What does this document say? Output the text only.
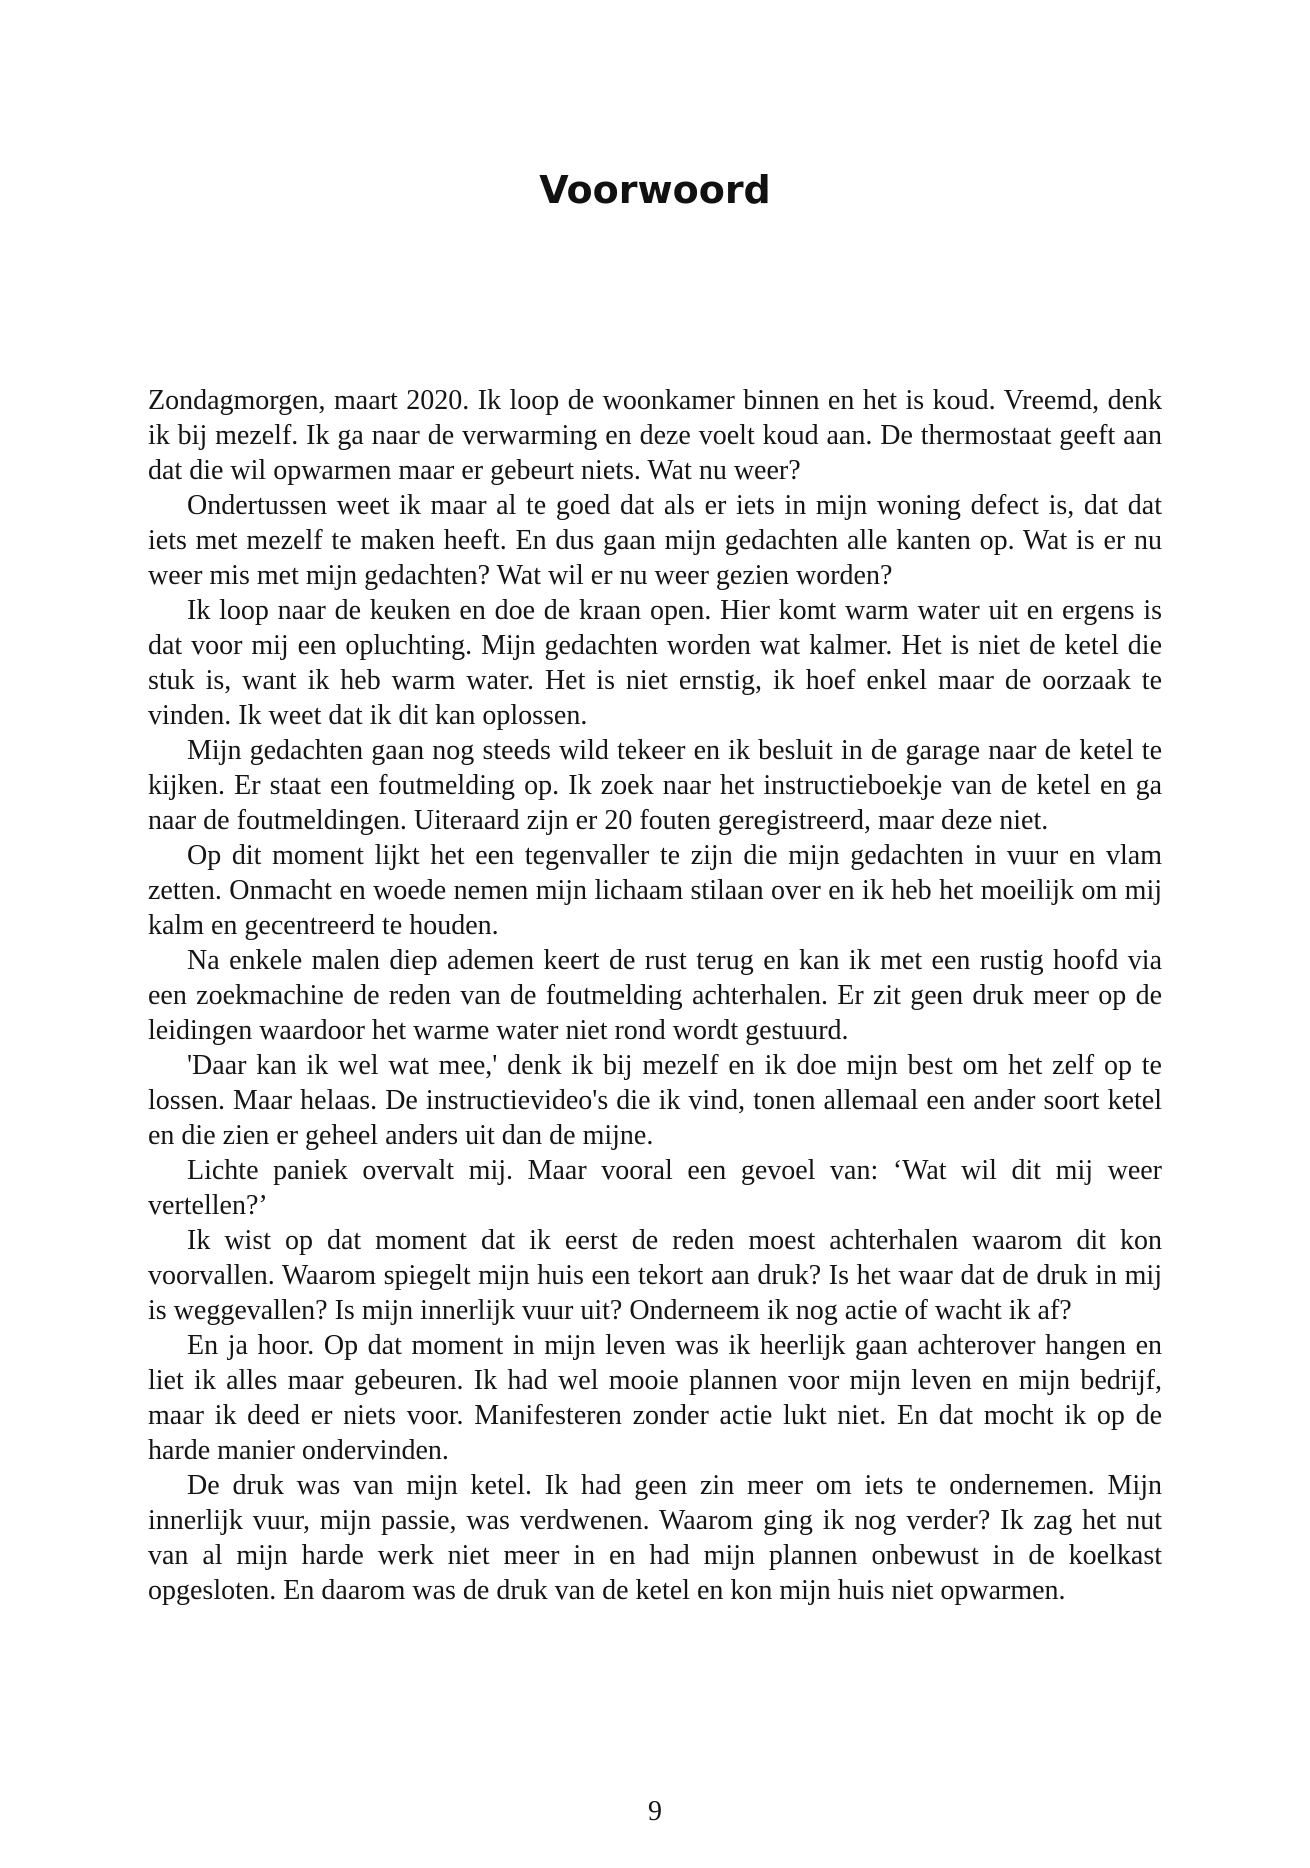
Voorwoord

Zondagmorgen, maart 2020. Ik loop de woonkamer binnen en het is koud. Vreemd, denk ik bij mezelf. Ik ga naar de verwarming en deze voelt koud aan. De thermostaat geeft aan dat die wil opwarmen maar er gebeurt niets. Wat nu weer?

Ondertussen weet ik maar al te goed dat als er iets in mijn woning defect is, dat dat iets met mezelf te maken heeft. En dus gaan mijn gedachten alle kanten op. Wat is er nu weer mis met mijn gedachten? Wat wil er nu weer gezien worden?

Ik loop naar de keuken en doe de kraan open. Hier komt warm water uit en ergens is dat voor mij een opluchting. Mijn gedachten worden wat kalmer. Het is niet de ketel die stuk is, want ik heb warm water. Het is niet ernstig, ik hoef enkel maar de oorzaak te vinden. Ik weet dat ik dit kan oplossen.

Mijn gedachten gaan nog steeds wild tekeer en ik besluit in de garage naar de ketel te kijken. Er staat een foutmelding op. Ik zoek naar het instructieboekje van de ketel en ga naar de foutmeldingen. Uiteraard zijn er 20 fouten geregistreerd, maar deze niet.

Op dit moment lijkt het een tegenvaller te zijn die mijn gedachten in vuur en vlam zetten. Onmacht en woede nemen mijn lichaam stilaan over en ik heb het moeilijk om mij kalm en gecentreerd te houden.

Na enkele malen diep ademen keert de rust terug en kan ik met een rustig hoofd via een zoekmachine de reden van de foutmelding achterhalen. Er zit geen druk meer op de leidingen waardoor het warme water niet rond wordt gestuurd.

'Daar kan ik wel wat mee,' denk ik bij mezelf en ik doe mijn best om het zelf op te lossen. Maar helaas. De instructievideo's die ik vind, tonen allemaal een ander soort ketel en die zien er geheel anders uit dan de mijne.

Lichte paniek overvalt mij. Maar vooral een gevoel van: ‘Wat wil dit mij weer vertellen?’

Ik wist op dat moment dat ik eerst de reden moest achterhalen waarom dit kon voorvallen. Waarom spiegelt mijn huis een tekort aan druk? Is het waar dat de druk in mij is weggevallen? Is mijn innerlijk vuur uit? Onderneem ik nog actie of wacht ik af?

En ja hoor. Op dat moment in mijn leven was ik heerlijk gaan achterover hangen en liet ik alles maar gebeuren. Ik had wel mooie plannen voor mijn leven en mijn bedrijf, maar ik deed er niets voor. Manifesteren zonder actie lukt niet. En dat mocht ik op de harde manier ondervinden.

De druk was van mijn ketel. Ik had geen zin meer om iets te ondernemen. Mijn innerlijk vuur, mijn passie, was verdwenen. Waarom ging ik nog verder? Ik zag het nut van al mijn harde werk niet meer in en had mijn plannen onbewust in de koelkast opgesloten. En daarom was de druk van de ketel en kon mijn huis niet opwarmen.

9
